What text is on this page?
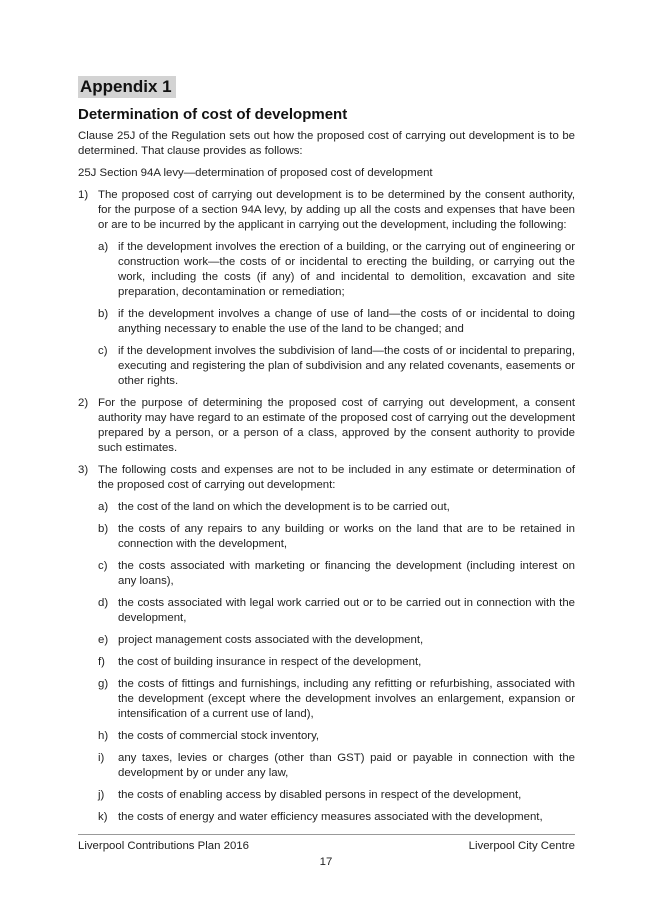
Appendix 1
Determination of cost of development

Clause 25J of the Regulation sets out how the proposed cost of carrying out development is to be determined. That clause provides as follows:

25J Section 94A levy—determination of proposed cost of development

1) The proposed cost of carrying out development is to be determined by the consent authority, for the purpose of a section 94A levy, by adding up all the costs and expenses that have been or are to be incurred by the applicant in carrying out the development, including the following:
a) if the development involves the erection of a building, or the carrying out of engineering or construction work—the costs of or incidental to erecting the building, or carrying out the work, including the costs (if any) of and incidental to demolition, excavation and site preparation, decontamination or remediation;
b) if the development involves a change of use of land—the costs of or incidental to doing anything necessary to enable the use of the land to be changed; and
c) if the development involves the subdivision of land—the costs of or incidental to preparing, executing and registering the plan of subdivision and any related covenants, easements or other rights.
2) For the purpose of determining the proposed cost of carrying out development, a consent authority may have regard to an estimate of the proposed cost of carrying out the development prepared by a person, or a person of a class, approved by the consent authority to provide such estimates.
3) The following costs and expenses are not to be included in any estimate or determination of the proposed cost of carrying out development:
a) the cost of the land on which the development is to be carried out,
b) the costs of any repairs to any building or works on the land that are to be retained in connection with the development,
c) the costs associated with marketing or financing the development (including interest on any loans),
d) the costs associated with legal work carried out or to be carried out in connection with the development,
e) project management costs associated with the development,
f) the cost of building insurance in respect of the development,
g) the costs of fittings and furnishings, including any refitting or refurbishing, associated with the development (except where the development involves an enlargement, expansion or intensification of a current use of land),
h) the costs of commercial stock inventory,
i) any taxes, levies or charges (other than GST) paid or payable in connection with the development by or under any law,
j) the costs of enabling access by disabled persons in respect of the development,
k) the costs of energy and water efficiency measures associated with the development,
Liverpool Contributions Plan 2016	Liverpool City Centre
17
